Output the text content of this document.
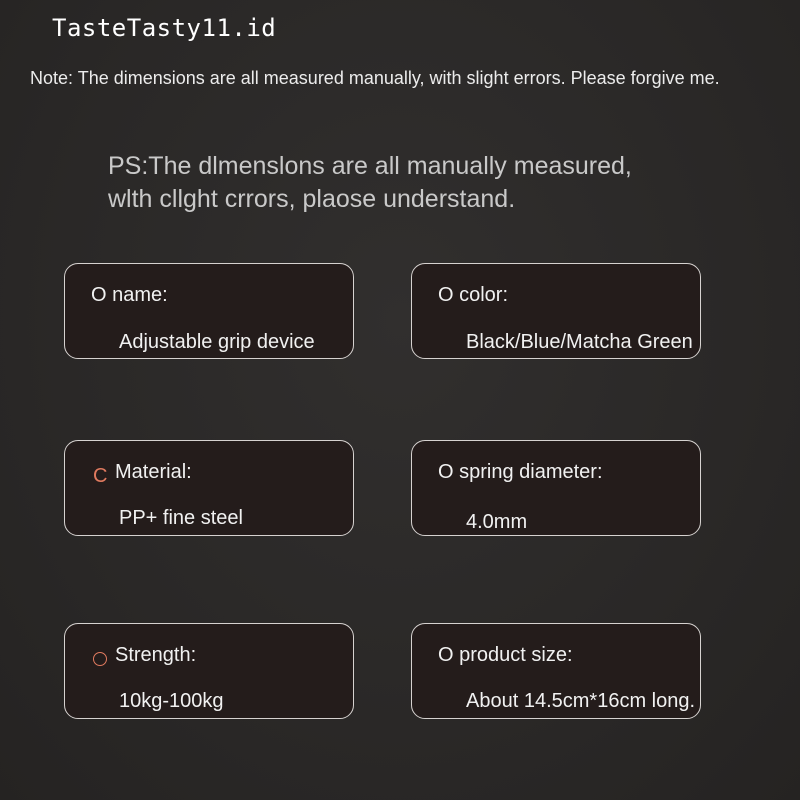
TasteTasty11.id
Note: The dimensions are all measured manually, with slight errors. Please forgive me.
PS:The dlmenslons are all manually measured,
wlth cllght crrors, plaose understand.
O name:
Adjustable grip device
O color:
Black/Blue/Matcha Green
C Material:
PP+ fine steel
O spring diameter:
4.0mm
Strength:
10kg-100kg
O product size:
About 14.5cm*16cm long.
